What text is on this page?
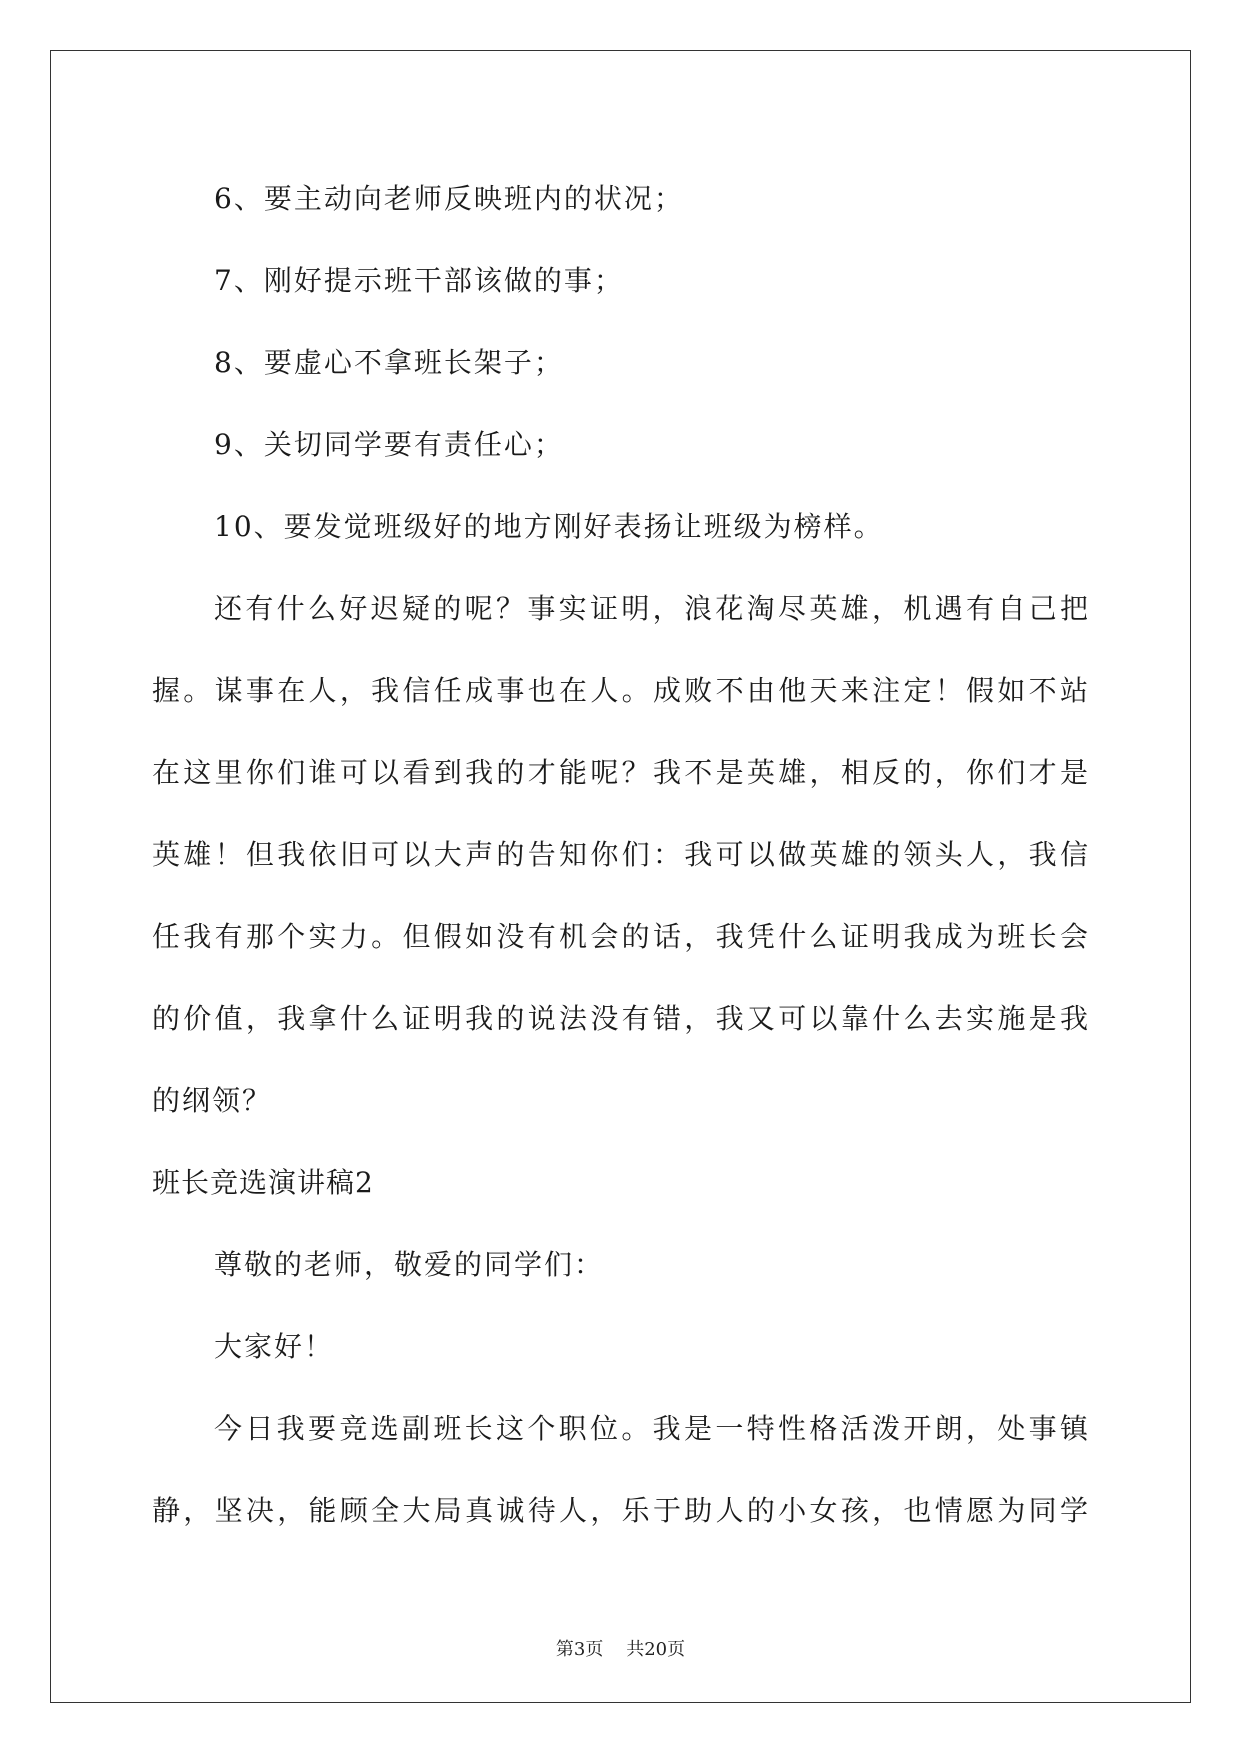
6、要主动向老师反映班内的状况；
7、刚好提示班干部该做的事；
8、要虚心不拿班长架子；
9、关切同学要有责任心；
10、要发觉班级好的地方刚好表扬让班级为榜样。
还有什么好迟疑的呢？事实证明，浪花淘尽英雄，机遇有自己把
握。谋事在人，我信任成事也在人。成败不由他天来注定！假如不站
在这里你们谁可以看到我的才能呢？我不是英雄，相反的，你们才是
英雄！但我依旧可以大声的告知你们：我可以做英雄的领头人，我信
任我有那个实力。但假如没有机会的话，我凭什么证明我成为班长会
的价值，我拿什么证明我的说法没有错，我又可以靠什么去实施是我
的纲领？
班长竞选演讲稿2
尊敬的老师，敬爱的同学们：
大家好！
今日我要竞选副班长这个职位。我是一特性格活泼开朗，处事镇
静，坚决，能顾全大局真诚待人，乐于助人的小女孩，也情愿为同学
第3页 共20页
